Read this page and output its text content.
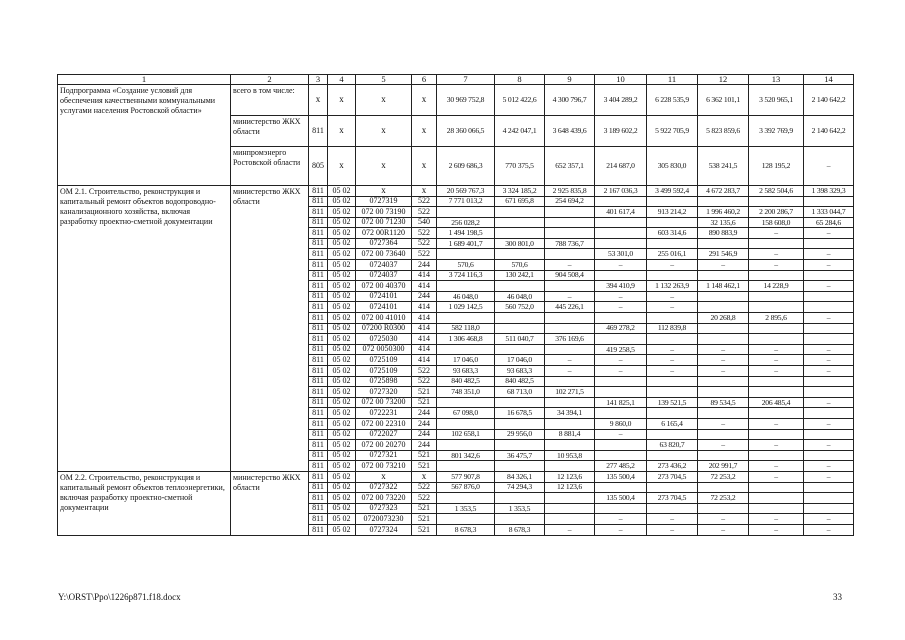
1	2	3	4	5	6	7	8	9	10	11	12	13	14
Подпрограмма «Создание условий для обеспечения качественными коммунальными услугами населения Ростовской области»	всего в том числе:	х	х	х	х	30 969 752,8	5 012 422,6	4 300 796,7	3 404 289,2	6 228 535,9	6 362 101,1	3 520 965,1	2 140 642,2
	министерство ЖКХ области	811	х	х	х	28 360 066,5	4 242 047,1	3 648 439,6	3 189 602,2	5 922 705,9	5 823 859,6	3 392 769,9	2 140 642,2
	минпромэнерго Ростовской области	805	х	х	х	2 609 686,3	770 375,5	652 357,1	214 687,0	305 830,0	538 241,5	128 195,2	–
ОМ 2.1. Строительство, реконструкция и капитальный ремонт объектов водопроводно-канализационного хозяйства, включая разработку проектно-сметной документации	министерство ЖКХ области	811	05 02	х	х	20 569 767,3	3 324 185,2	2 925 835,8	2 167 036,3	3 499 592,4	4 672 283,7	2 582 504,6	1 398 329,3
		811	05 02	0727319	522	7 771 013,2	671 695,8	254 694,2					
		811	05 02	072 00 73190	522				401 617,4	913 214,2	1 996 460,2	2 200 286,7	1 333 044,7
		811	05 02	072 00 71230	540	256 028,2					32 135,6	158 608,0	65 284,6
		811	05 02	072 00R1120	522	1 494 198,5				603 314,6	890 883,9	–	–
		811	05 02	0727364	522	1 689 401,7	300 801,0	788 736,7					
		811	05 02	072 00 73640	522				53 301,0	255 016,1	291 546,9	–	–
		811	05 02	0724037	244	570,6	570,6	–	–	–	–	–	–
		811	05 02	0724037	414	3 724 116,3	130 242,1	904 508,4					
		811	05 02	072 00 40370	414				394 410,9	1 132 263,9	1 148 462,1	14 228,9	–
		811	05 02	0724101	244	46 048,0	46 048,0	–	–	–			
		811	05 02	0724101	414	1 029 142,5	560 752,0	445 226,1	–	–			
		811	05 02	072 00 41010	414						20 268,8	2 895,6	–
		811	05 02	07200 R0300	414	582 118,0			469 278,2	112 839,8			
		811	05 02	0725030	414	1 306 468,8	511 040,7	376 169,6					
		811	05 02	072 0050300	414				419 258,5	–	–	–	–
		811	05 02	0725109	414	17 046,0	17 046,0	–	–	–	–	–	–
		811	05 02	0725109	522	93 683,3	93 683,3	–	–	–	–	–	–
		811	05 02	0725898	522	840 482,5	840 482,5						
		811	05 02	0727320	521	748 351,0	68 713,0	102 271,5					
		811	05 02	072 00 73200	521				141 825,1	139 521,5	89 534,5	206 485,4	–
		811	05 02	0722231	244	67 098,0	16 678,5	34 394,1					
		811	05 02	072 00 22310	244				9 860,0	6 165,4	–	–	–
		811	05 02	0722027	244	102 658,1	29 956,0	8 881,4	–				
		811	05 02	072 00 20270	244					63 820,7	–	–	–
		811	05 02	0727321	521	801 342,6	36 475,7	10 953,8					
		811	05 02	072 00 73210	521				277 485,2	273 436,2	202 991,7	–	–
ОМ 2.2. Строительство, реконструкция и капитальный ремонт объектов теплоэнергетики, включая разработку проектно-сметной документации	министерство ЖКХ области	811	05 02	х	х	577 907,8	84 326,1	12 123,6	135 500,4	273 704,5	72 253,2	–	–
		811	05 02	0727322	522	567 876,0	74 294,3	12 123,6					
		811	05 02	072 00 73220	522				135 500,4	273 704,5	72 253,2		
		811	05 02	0727323	521	1 353,5	1 353,5						
		811	05 02	0720073230	521				–	–	–	–	–
		811	05 02	0727324	521	8 678,3	8 678,3	–	–	–	–	–	–
Y:\ORST\Ppo\1226p871.f18.docx	33
